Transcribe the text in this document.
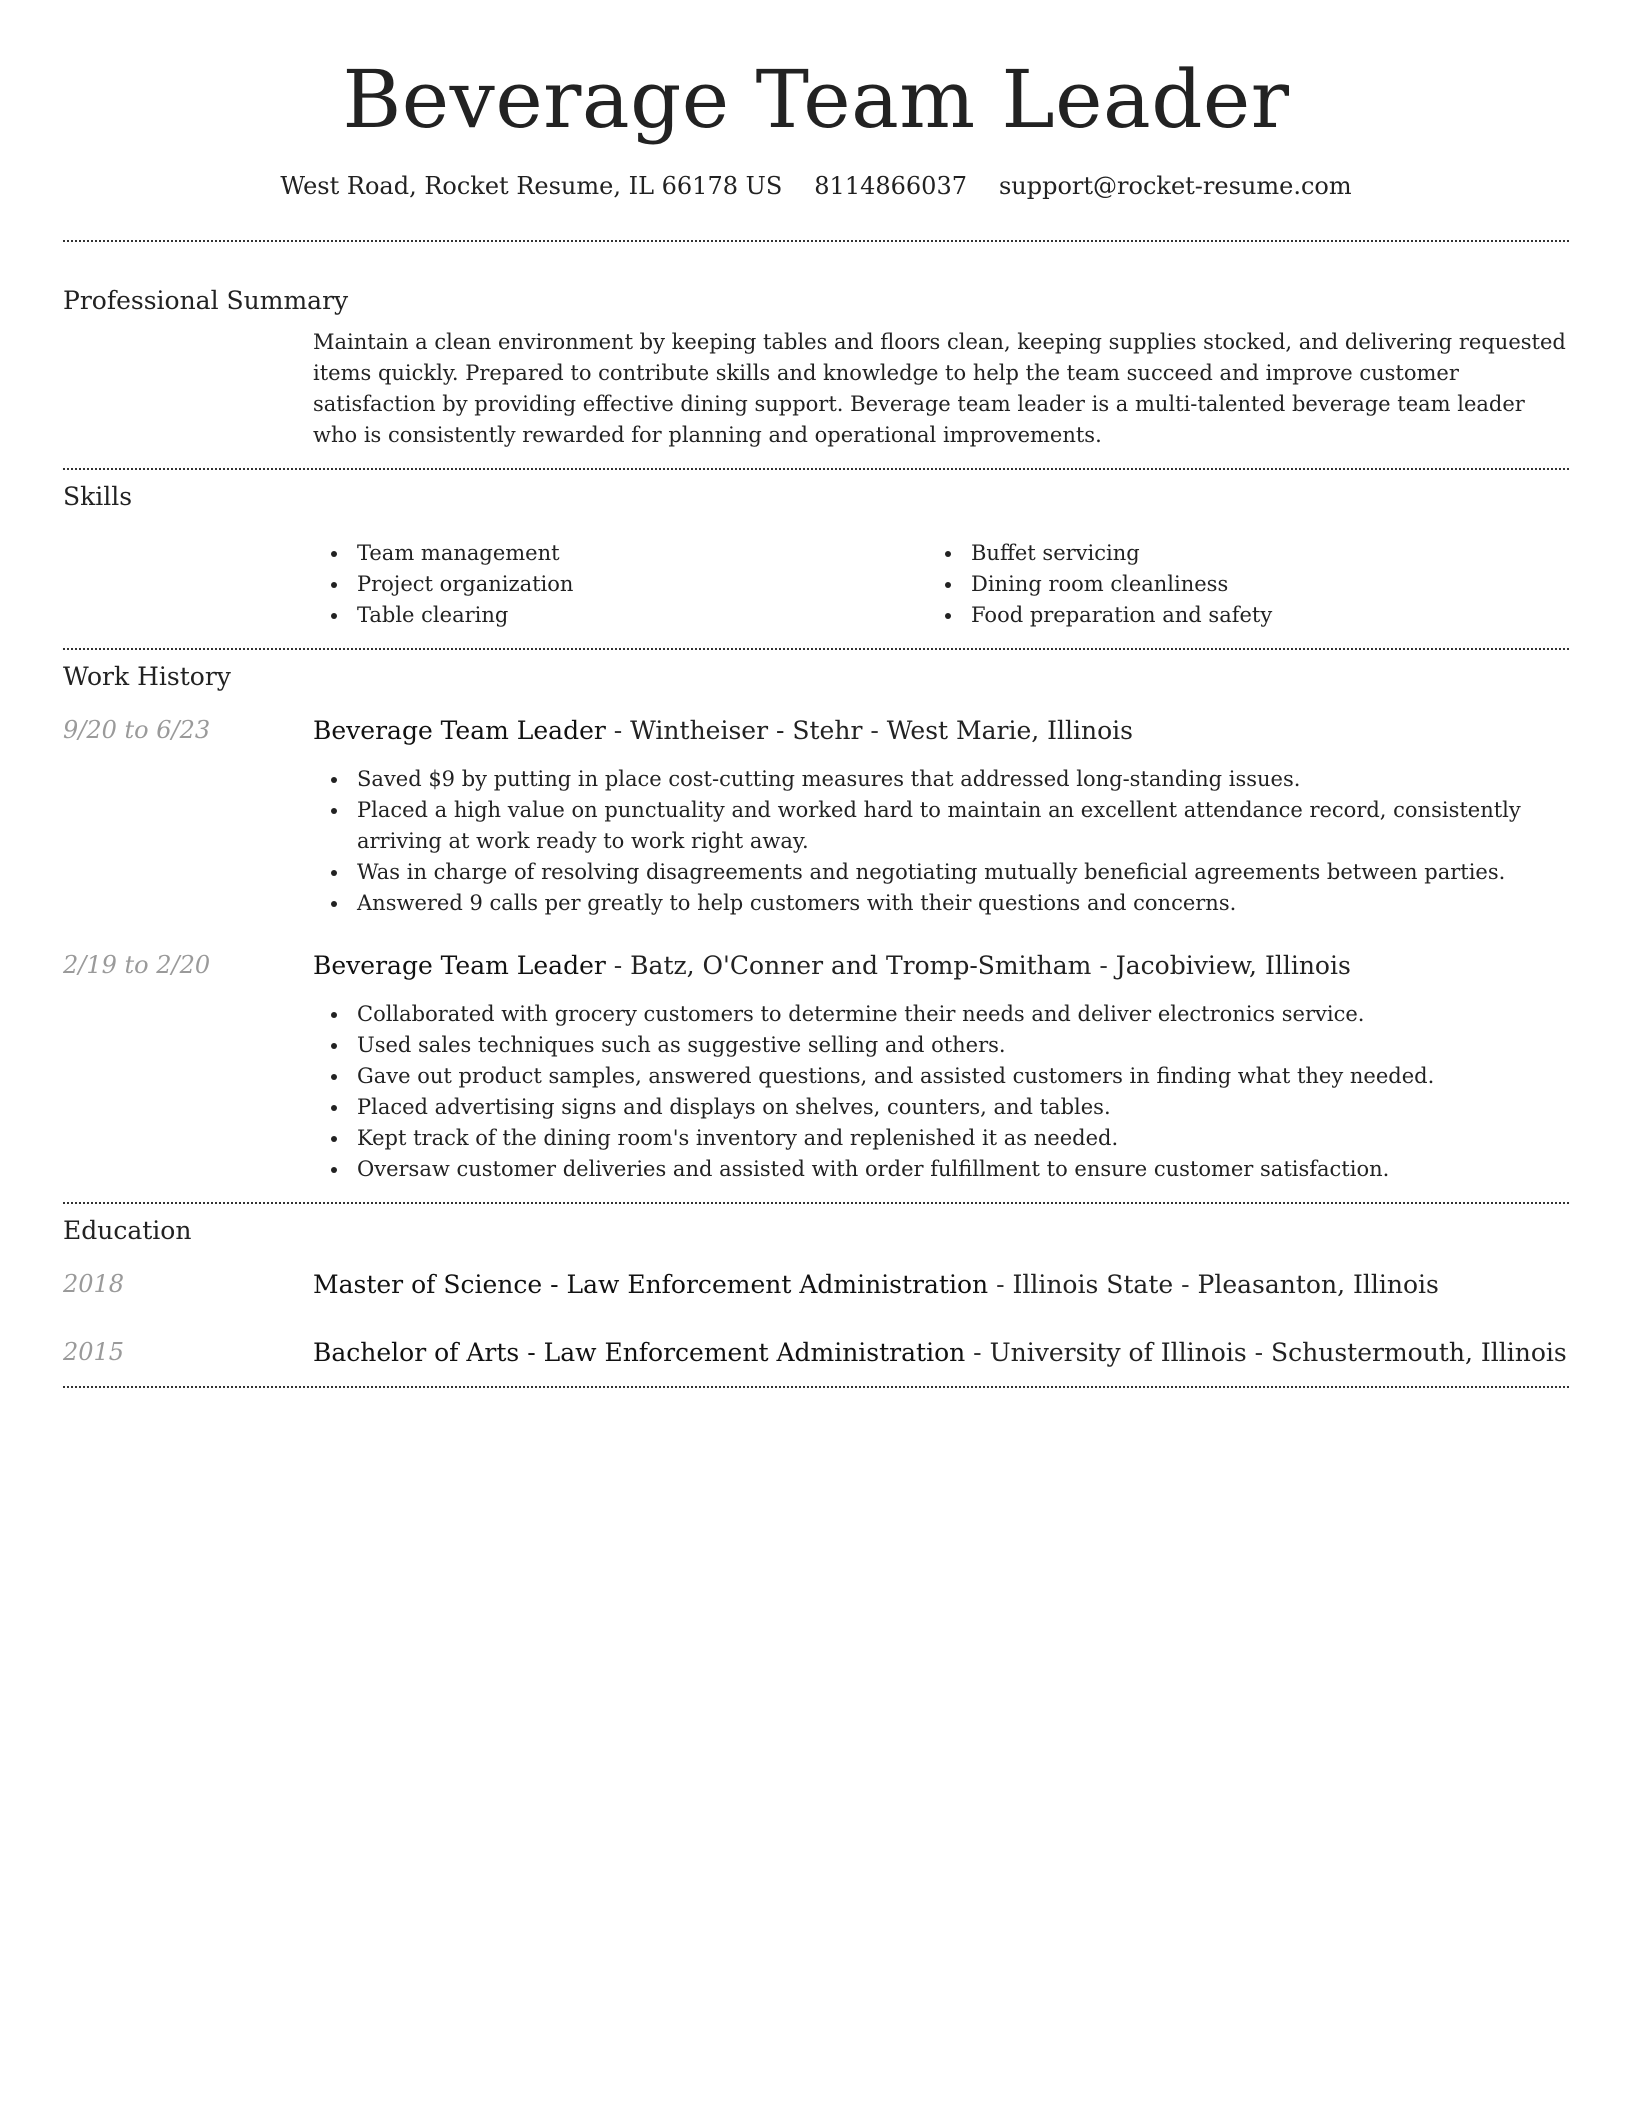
Beverage Team Leader
West Road, Rocket Resume, IL 66178 US 8114866037 support@rocket-resume.com
Professional Summary

Maintain a clean environment by keeping tables and floors clean, keeping supplies stocked, and delivering requested items quickly. Prepared to contribute skills and knowledge to help the team succeed and improve customer satisfaction by providing effective dining support. Beverage team leader is a multi-talented beverage team leader who is consistently rewarded for planning and operational improvements.

Skills
Team management
Project organization
Table clearing
Buffet servicing
Dining room cleanliness
Food preparation and safety
Work History
9/20 to 6/23	Beverage Team Leader - Wintheiser - Stehr - West Marie, Illinois
Saved $9 by putting in place cost-cutting measures that addressed long-standing issues.
Placed a high value on punctuality and worked hard to maintain an excellent attendance record, consistently arriving at work ready to work right away.
Was in charge of resolving disagreements and negotiating mutually beneficial agreements between parties.
Answered 9 calls per greatly to help customers with their questions and concerns.
2/19 to 2/20	Beverage Team Leader - Batz, O'Conner and Tromp-Smitham - Jacobiview, Illinois
Collaborated with grocery customers to determine their needs and deliver electronics service.
Used sales techniques such as suggestive selling and others.
Gave out product samples, answered questions, and assisted customers in finding what they needed.
Placed advertising signs and displays on shelves, counters, and tables.
Kept track of the dining room's inventory and replenished it as needed.
Oversaw customer deliveries and assisted with order fulfillment to ensure customer satisfaction.
Education
2018	Master of Science - Law Enforcement Administration - Illinois State - Pleasanton, Illinois
2015	Bachelor of Arts - Law Enforcement Administration - University of Illinois - Schustermouth, Illinois
